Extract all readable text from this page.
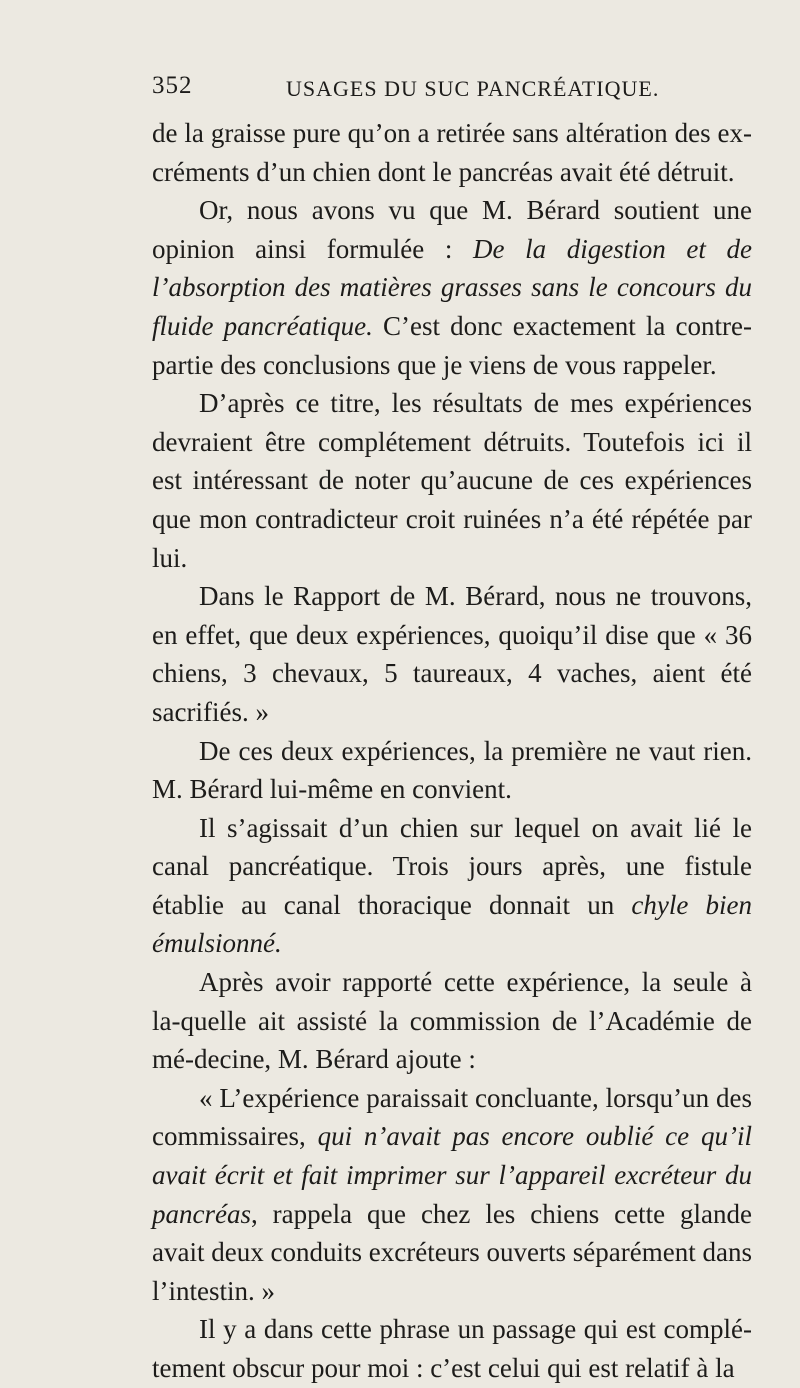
352	USAGES DU SUC PANCRÉATIQUE.

de la graisse pure qu’on a retirée sans altération des ex-créments d’un chien dont le pancréas avait été détruit.

Or, nous avons vu que M. Bérard soutient une opinion ainsi formulée : De la digestion et de l’absorption des matières grasses sans le concours du fluide pancréatique. C’est donc exactement la contre-partie des conclusions que je viens de vous rappeler.

D’après ce titre, les résultats de mes expériences devraient être complétement détruits. Toutefois ici il est intéressant de noter qu’aucune de ces expériences que mon contradicteur croit ruinées n’a été répétée par lui.

Dans le Rapport de M. Bérard, nous ne trouvons, en effet, que deux expériences, quoiqu’il dise que « 36 chiens, 3 chevaux, 5 taureaux, 4 vaches, aient été sacrifiés. »

De ces deux expériences, la première ne vaut rien. M. Bérard lui-même en convient.

Il s’agissait d’un chien sur lequel on avait lié le canal pancréatique. Trois jours après, une fistule établie au canal thoracique donnait un chyle bien émulsionné.

Après avoir rapporté cette expérience, la seule à la-quelle ait assisté la commission de l’Académie de mé-decine, M. Bérard ajoute :

« L’expérience paraissait concluante, lorsqu’un des commissaires, qui n’avait pas encore oublié ce qu’il avait écrit et fait imprimer sur l’appareil excréteur du pancréas, rappela que chez les chiens cette glande avait deux conduits excréteurs ouverts séparément dans l’intestin. »

Il y a dans cette phrase un passage qui est complé-tement obscur pour moi : c’est celui qui est relatif à la
